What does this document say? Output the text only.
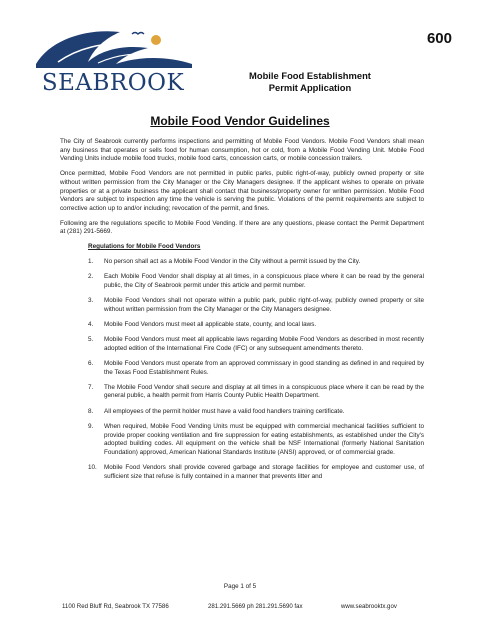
SEABROOK
600
Mobile Food Establishment
Permit Application
Mobile Food Vendor Guidelines

The City of Seabrook currently performs inspections and permitting of Mobile Food Vendors. Mobile Food Vendors shall mean any business that operates or sells food for human consumption, hot or cold, from a Mobile Food Vending Unit. Mobile Food Vending Units include mobile food trucks, mobile food carts, concession carts, or mobile concession trailers.

Once permitted, Mobile Food Vendors are not permitted in public parks, public right-of-way, publicly owned property or site without written permission from the City Manager or the City Managers designee. If the applicant wishes to operate on private properties or at a private business the applicant shall contact that business/property owner for written permission. Mobile Food Vendors are subject to inspection any time the vehicle is serving the public. Violations of the permit requirements are subject to corrective action up to and/or including; revocation of the permit, and fines.

Following are the regulations specific to Mobile Food Vending. If there are any questions, please contact the Permit Department at (281) 291-5669.

Regulations for Mobile Food Vendors
1. No person shall act as a Mobile Food Vendor in the City without a permit issued by the City.
2. Each Mobile Food Vendor shall display at all times, in a conspicuous place where it can be read by the general public, the City of Seabrook permit under this article and permit number.
3. Mobile Food Vendors shall not operate within a public park, public right-of-way, publicly owned property or site without written permission from the City Manager or the City Managers designee.
4. Mobile Food Vendors must meet all applicable state, county, and local laws.
5. Mobile Food Vendors must meet all applicable laws regarding Mobile Food Vendors as described in most recently adopted edition of the International Fire Code (IFC) or any subsequent amendments thereto.
6. Mobile Food Vendors must operate from an approved commissary in good standing as defined in and required by the Texas Food Establishment Rules.
7. The Mobile Food Vendor shall secure and display at all times in a conspicuous place where it can be read by the general public, a health permit from Harris County Public Health Department.
8. All employees of the permit holder must have a valid food handlers training certificate.
9. When required, Mobile Food Vending Units must be equipped with commercial mechanical facilities sufficient to provide proper cooking ventilation and fire suppression for eating establishments, as established under the City's adopted building codes. All equipment on the vehicle shall be NSF International (formerly National Sanitation Foundation) approved, American National Standards Institute (ANSI) approved, or of commercial grade.
10. Mobile Food Vendors shall provide covered garbage and storage facilities for employee and customer use, of sufficient size that refuse is fully contained in a manner that prevents litter and
Page 1 of 5
1100 Red Bluff Rd, Seabrook TX 77586	281.291.5669 ph 281.291.5690 fax	www.seabrooktx.gov
